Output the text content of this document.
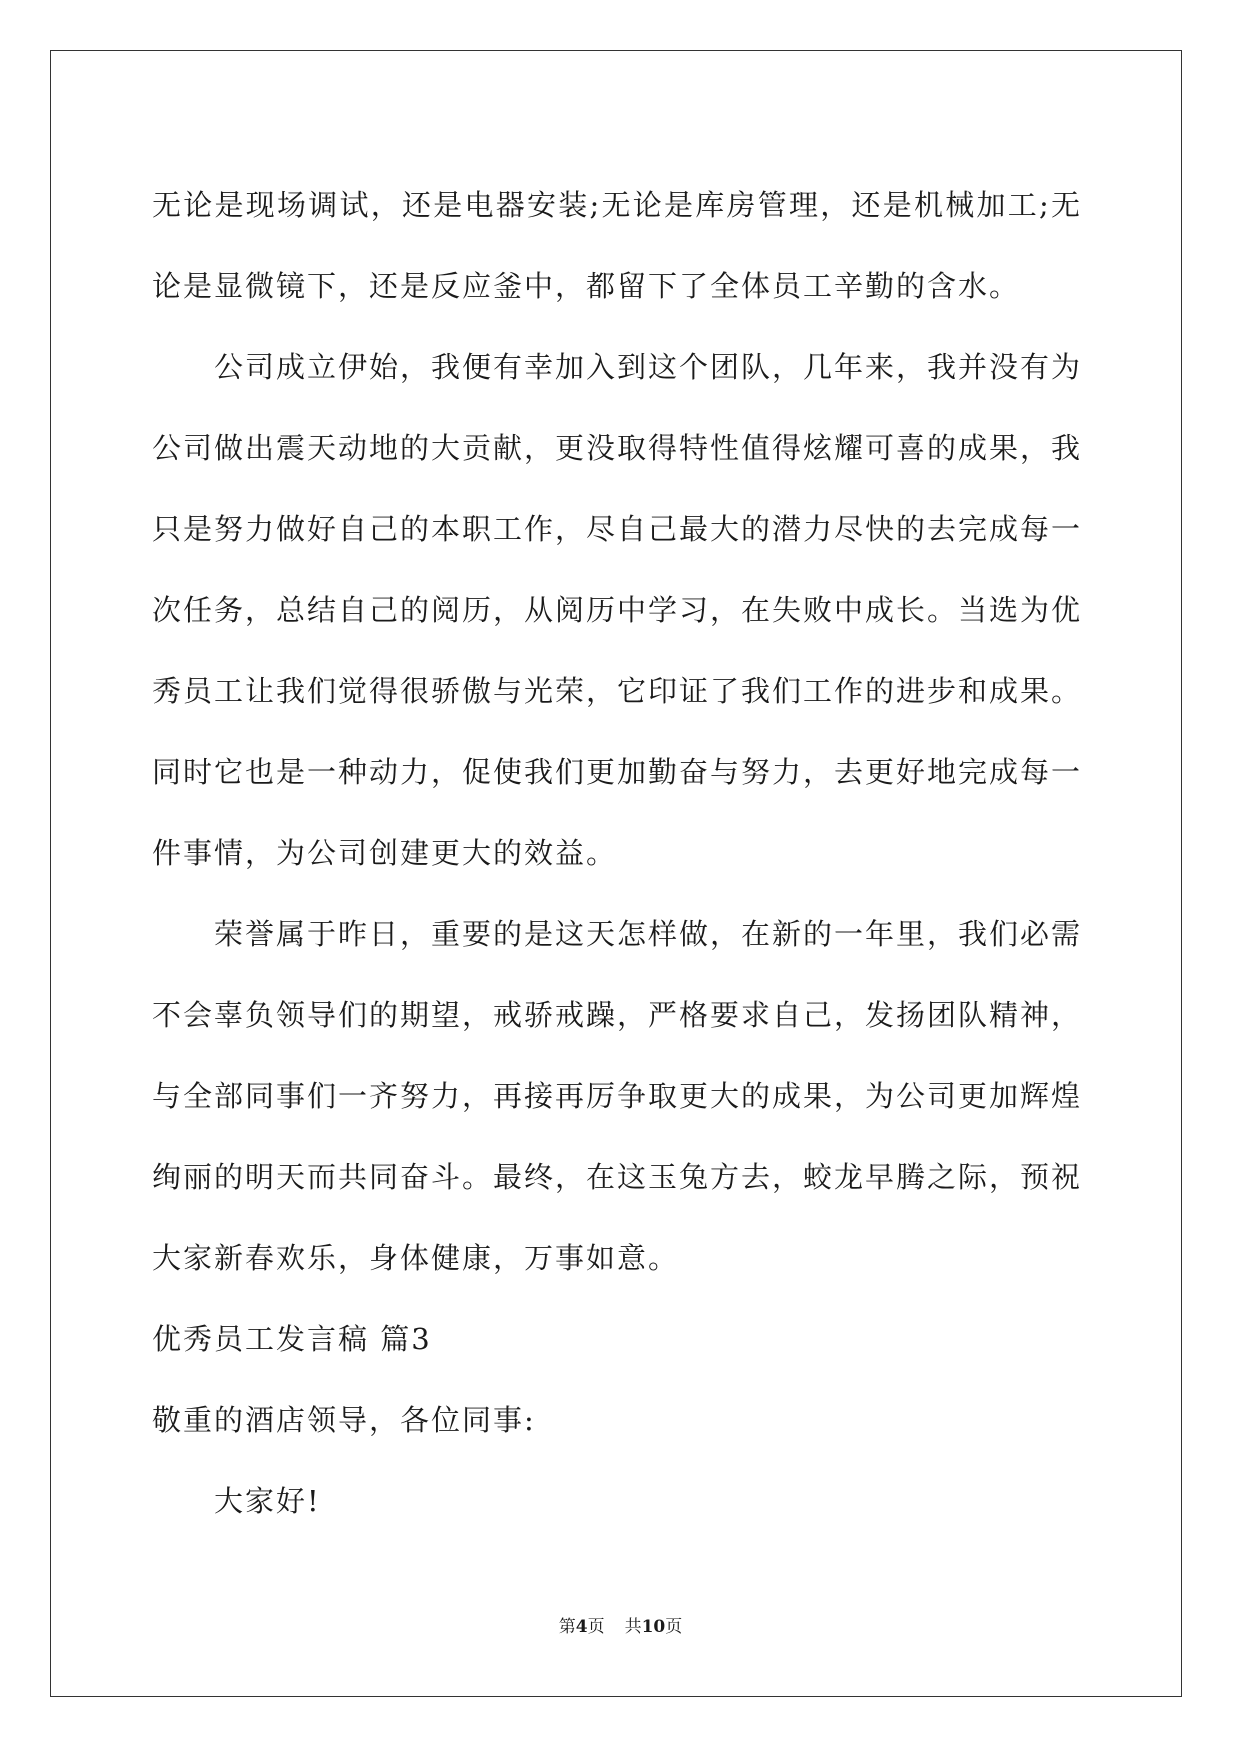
无论是现场调试，还是电器安装;无论是库房管理，还是机械加工;无
论是显微镜下，还是反应釜中，都留下了全体员工辛勤的含水。
公司成立伊始，我便有幸加入到这个团队，几年来，我并没有为
公司做出震天动地的大贡献，更没取得特性值得炫耀可喜的成果，我
只是努力做好自己的本职工作，尽自己最大的潜力尽快的去完成每一
次任务，总结自己的阅历，从阅历中学习，在失败中成长。当选为优
秀员工让我们觉得很骄傲与光荣，它印证了我们工作的进步和成果。
同时它也是一种动力，促使我们更加勤奋与努力，去更好地完成每一
件事情，为公司创建更大的效益。
荣誉属于昨日，重要的是这天怎样做，在新的一年里，我们必需
不会辜负领导们的期望，戒骄戒躁，严格要求自己，发扬团队精神，
与全部同事们一齐努力，再接再厉争取更大的成果，为公司更加辉煌
绚丽的明天而共同奋斗。最终，在这玉兔方去，蛟龙早腾之际，预祝
大家新春欢乐，身体健康，万事如意。
优秀员工发言稿 篇3
敬重的酒店领导，各位同事:
大家好!
第4页 共10页
